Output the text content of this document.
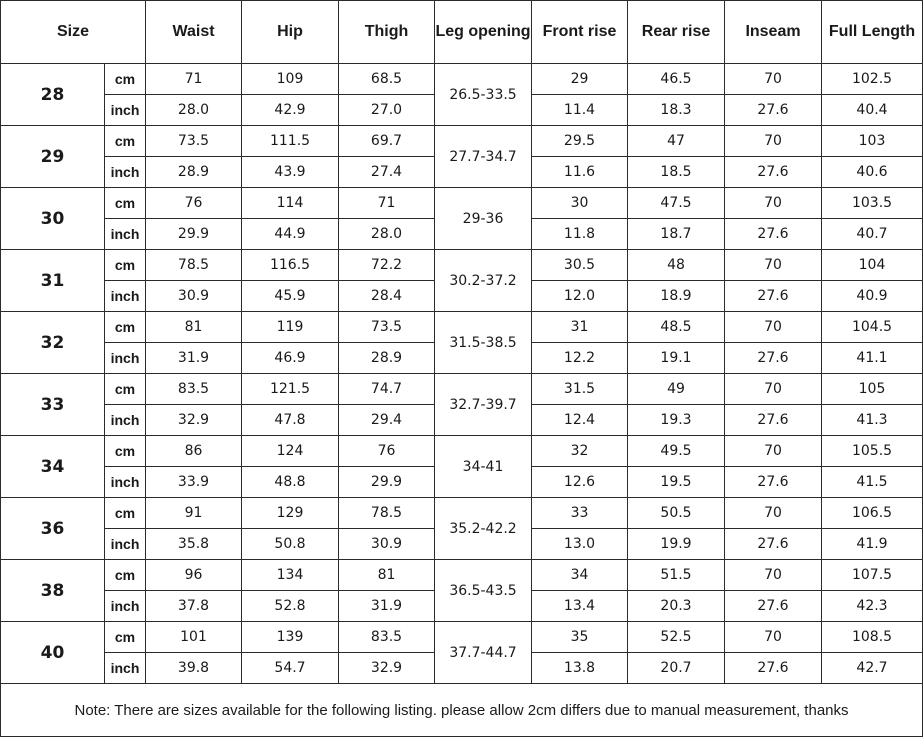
Size		Waist	Hip	Thigh	Leg opening	Front rise	Rear rise	Inseam	Full Length
28	cm	71	109	68.5	26.5-33.5	29	46.5	70	102.5
	inch	28.0	42.9	27.0		11.4	18.3	27.6	40.4
29	cm	73.5	111.5	69.7	27.7-34.7	29.5	47	70	103
	inch	28.9	43.9	27.4		11.6	18.5	27.6	40.6
30	cm	76	114	71	29-36	30	47.5	70	103.5
	inch	29.9	44.9	28.0		11.8	18.7	27.6	40.7
31	cm	78.5	116.5	72.2	30.2-37.2	30.5	48	70	104
	inch	30.9	45.9	28.4		12.0	18.9	27.6	40.9
32	cm	81	119	73.5	31.5-38.5	31	48.5	70	104.5
	inch	31.9	46.9	28.9		12.2	19.1	27.6	41.1
33	cm	83.5	121.5	74.7	32.7-39.7	31.5	49	70	105
	inch	32.9	47.8	29.4		12.4	19.3	27.6	41.3
34	cm	86	124	76	34-41	32	49.5	70	105.5
	inch	33.9	48.8	29.9		12.6	19.5	27.6	41.5
36	cm	91	129	78.5	35.2-42.2	33	50.5	70	106.5
	inch	35.8	50.8	30.9		13.0	19.9	27.6	41.9
38	cm	96	134	81	36.5-43.5	34	51.5	70	107.5
	inch	37.8	52.8	31.9		13.4	20.3	27.6	42.3
40	cm	101	139	83.5	37.7-44.7	35	52.5	70	108.5
	inch	39.8	54.7	32.9		13.8	20.7	27.6	42.7
Note: There are sizes available for the following listing. please allow 2cm differs due to manual measurement, thanks									
